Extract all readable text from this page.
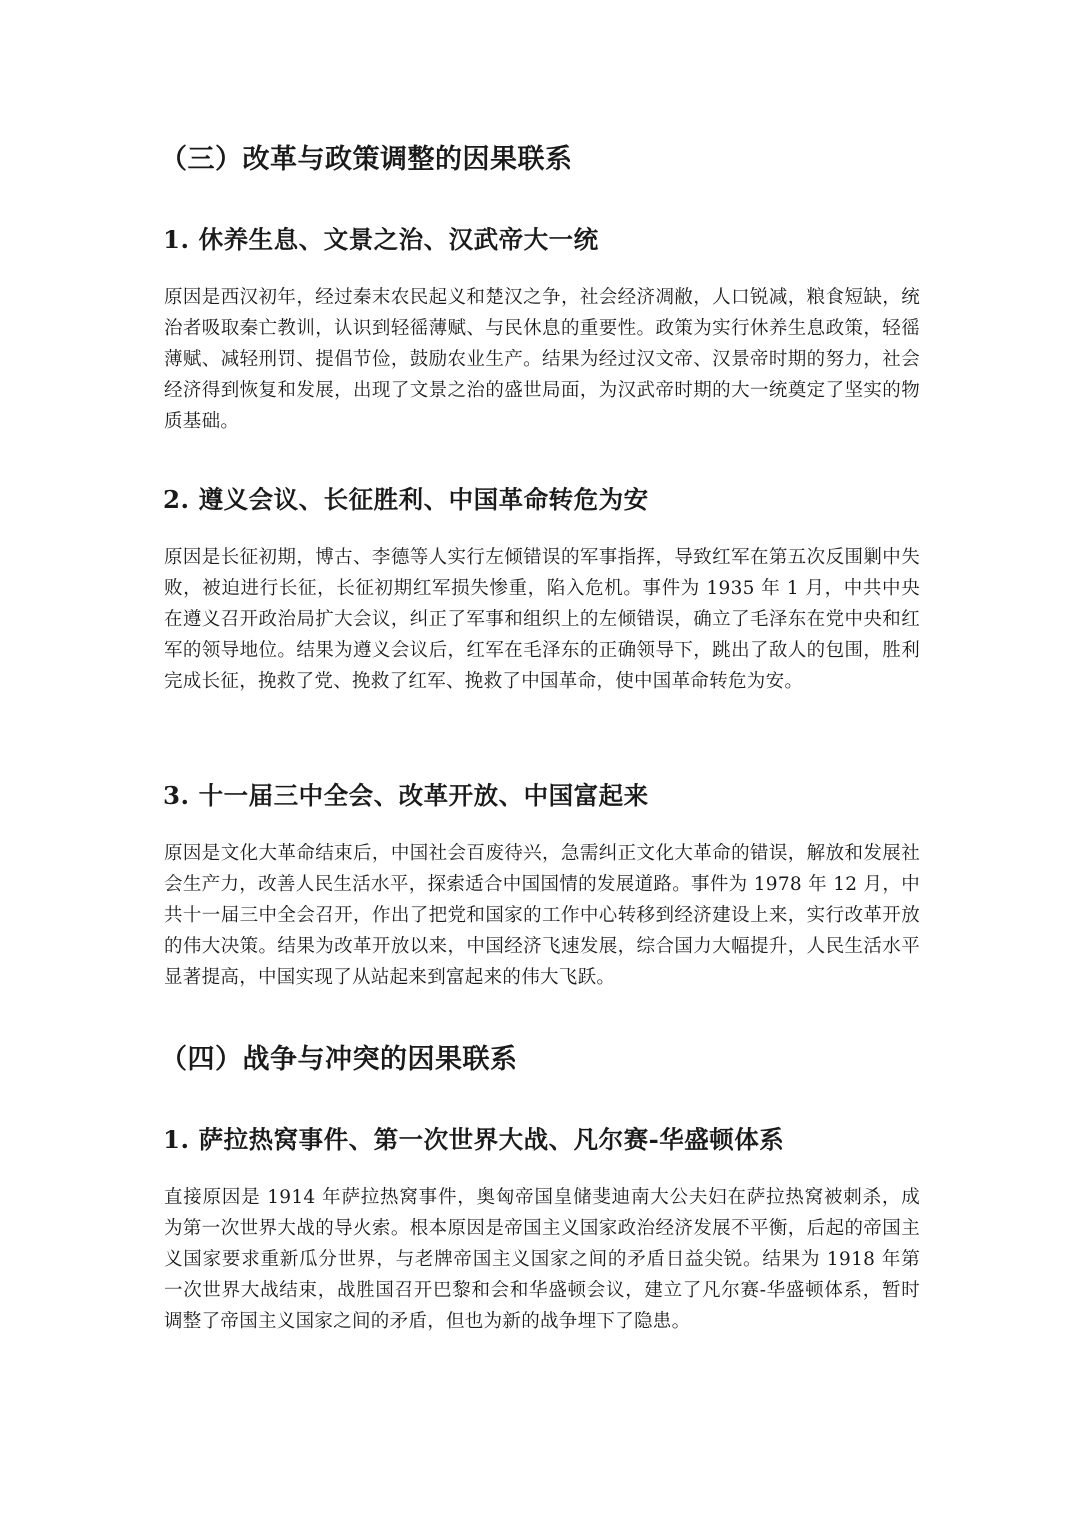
（三）改革与政策调整的因果联系
1. 休养生息、文景之治、汉武帝大一统

原因是西汉初年，经过秦末农民起义和楚汉之争，社会经济凋敝，人口锐减，粮食短缺，统治者吸取秦亡教训，认识到轻徭薄赋、与民休息的重要性。政策为实行休养生息政策，轻徭薄赋、减轻刑罚、提倡节俭，鼓励农业生产。结果为经过汉文帝、汉景帝时期的努力，社会经济得到恢复和发展，出现了文景之治的盛世局面，为汉武帝时期的大一统奠定了坚实的物质基础。

2. 遵义会议、长征胜利、中国革命转危为安

原因是长征初期，博古、李德等人实行左倾错误的军事指挥，导致红军在第五次反围剿中失败，被迫进行长征，长征初期红军损失惨重，陷入危机。事件为 1935 年 1 月，中共中央在遵义召开政治局扩大会议，纠正了军事和组织上的左倾错误，确立了毛泽东在党中央和红军的领导地位。结果为遵义会议后，红军在毛泽东的正确领导下，跳出了敌人的包围，胜利完成长征，挽救了党、挽救了红军、挽救了中国革命，使中国革命转危为安。

3. 十一届三中全会、改革开放、中国富起来

原因是文化大革命结束后，中国社会百废待兴，急需纠正文化大革命的错误，解放和发展社会生产力，改善人民生活水平，探索适合中国国情的发展道路。事件为 1978 年 12 月，中共十一届三中全会召开，作出了把党和国家的工作中心转移到经济建设上来，实行改革开放的伟大决策。结果为改革开放以来，中国经济飞速发展，综合国力大幅提升，人民生活水平显著提高，中国实现了从站起来到富起来的伟大飞跃。

（四）战争与冲突的因果联系
1. 萨拉热窝事件、第一次世界大战、凡尔赛-华盛顿体系

直接原因是 1914 年萨拉热窝事件，奥匈帝国皇储斐迪南大公夫妇在萨拉热窝被刺杀，成为第一次世界大战的导火索。根本原因是帝国主义国家政治经济发展不平衡，后起的帝国主义国家要求重新瓜分世界，与老牌帝国主义国家之间的矛盾日益尖锐。结果为 1918 年第一次世界大战结束，战胜国召开巴黎和会和华盛顿会议，建立了凡尔赛-华盛顿体系，暂时调整了帝国主义国家之间的矛盾，但也为新的战争埋下了隐患。
